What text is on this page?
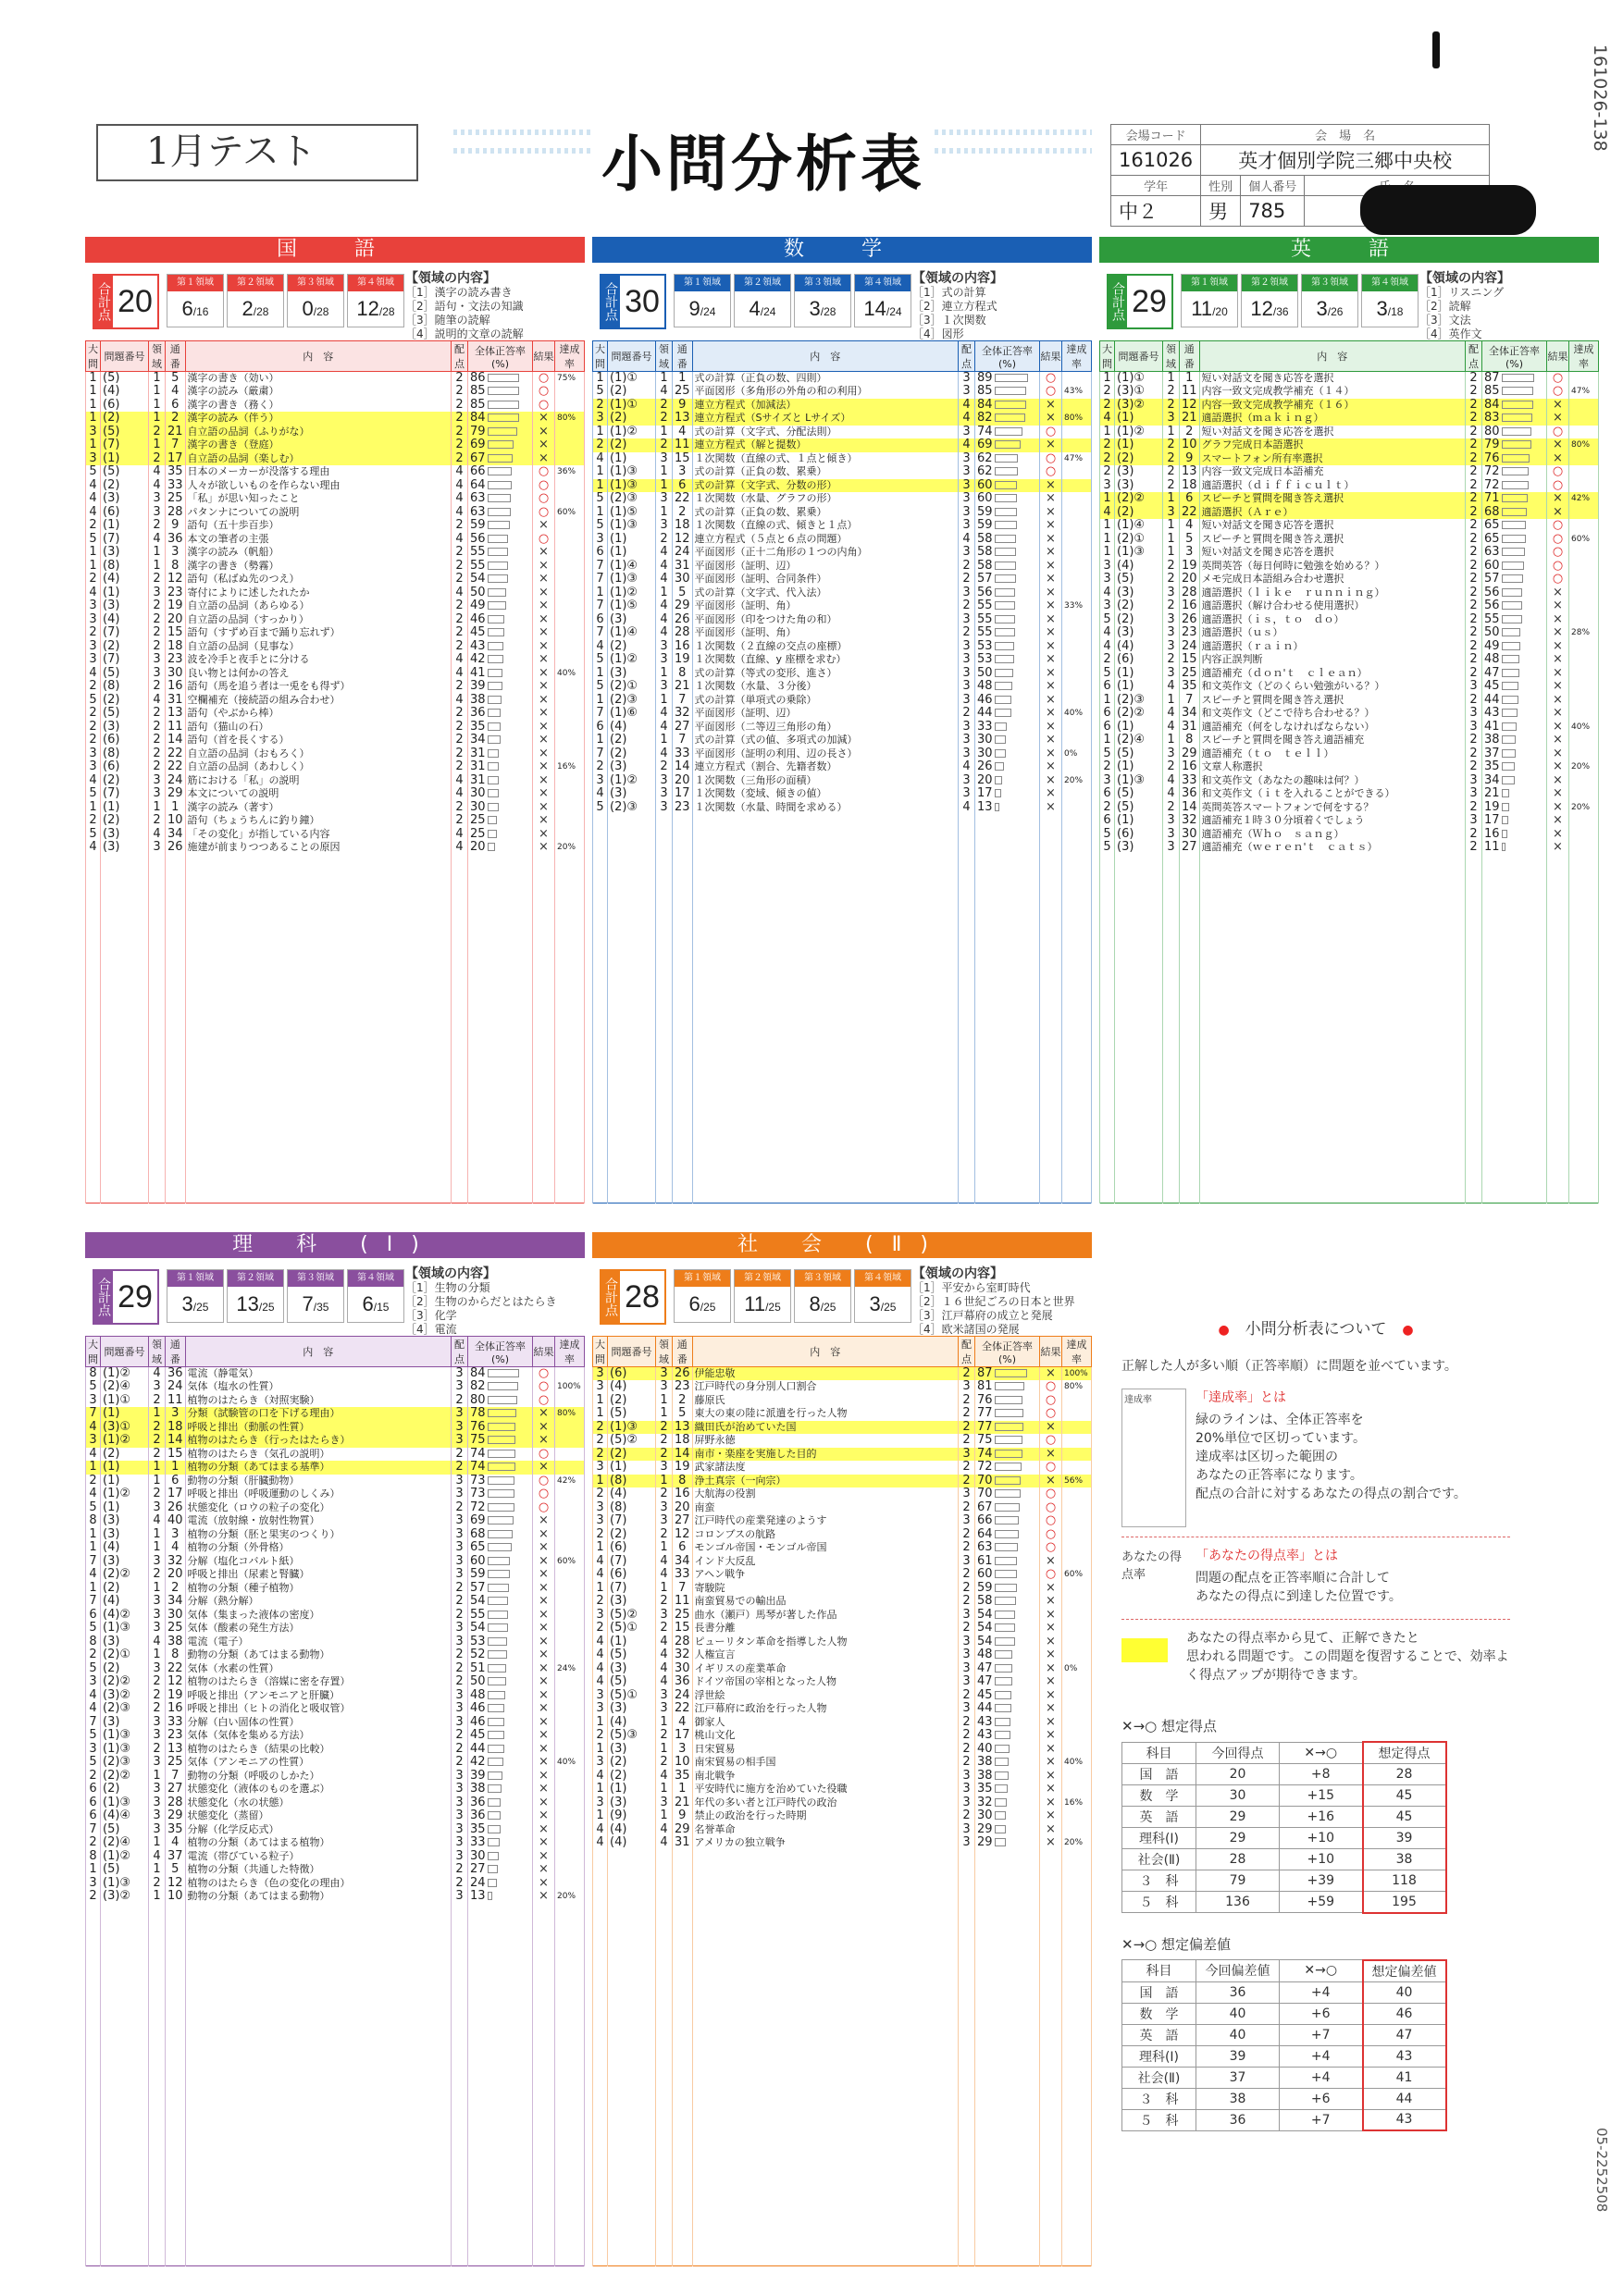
161026-138
05-2252508
1月テスト	小問分析表	会場コード	会　場　名		
161026	英才個別学院三郷中央校		
学年	性別	個人番号	
中２	男	785	
国　語
合計点 20
第１領域
6/16
第２領域
2/28
第３領域
0/28
第４領域
12/28
【領域の内容】
［1］漢字の読み書き
［2］語句・文法の知識
［3］随筆の読解
［4］説明的文章の読解
大問	問題番号	領域	通番	内　容	配点	全体正答率(%)	結果	達成率
1	(5)	1	5	漢字の書き（効い）	2	86	○	75%
1	(4)	1	4	漢字の読み（厳粛）	2	85	○	
1	(6)	1	6	漢字の書き（務く）	2	85	○	
1	(2)	1	2	漢字の読み（伴う）	2	84	×	80%
3	(5)	2	21	自立語の品詞（ふりがな）	2	79	×	
1	(7)	1	7	漢字の書き（登庭）	2	69	×	
3	(1)	2	17	自立語の品詞（楽しむ）	2	67	×	
5	(5)	4	35	日本のメーカーが没落する理由	4	66	○	36%
4	(2)	4	33	人々が欲しいものを作らない理由	4	64	○	
4	(3)	3	25	「私」が思い知ったこと	4	63	○	
4	(6)	3	28	パタンナについての説明	4	63	○	60%
2	(1)	2	9	語句（五十歩百歩）	2	59	×	
5	(7)	4	36	本文の筆者の主張	4	56	○	
1	(3)	1	3	漢字の読み（帆船）	2	55	×	
1	(8)	1	8	漢字の書き（勢霧）	2	55	×	
2	(4)	2	12	語句（私ばぬ先のつえ）	2	54	×	
4	(1)	3	23	寄付によりに述したれたか	4	50	×	
3	(3)	2	19	自立語の品詞（あらゆる）	2	49	×	
3	(4)	2	20	自立語の品詞（すっかり）	2	46	×	
2	(7)	2	15	語句（すずめ百まで踊り忘れず）	2	45	×	
3	(2)	2	18	自立語の品詞（見事な）	2	43	×	
3	(7)	3	23	波を冷手と夜手とに分ける	4	42	×	
4	(5)	3	30	良い物とは何かの答え	4	41	×	40%
2	(8)	2	16	語句（馬を追う者は一兎をも得ず）	2	39	×	
5	(2)	4	31	空欄補充（接続語の組み合わせ）	4	38	×	
2	(5)	2	13	語句（やぶから棒）	2	36	×	
2	(3)	2	11	語句（猫山の石）	2	35	×	
2	(6)	2	14	語句（首を長くする）	2	34	×	
3	(8)	2	22	自立語の品詞（おもろく）	2	31	×	
3	(6)	2	22	自立語の品詞（あわしく）	2	31	×	16%
4	(2)	3	24	筋における「私」の説明	4	31	×	
5	(7)	3	29	本文についての説明	4	30	×	
1	(1)	1	1	漢字の読み（著す）	2	30	×	
2	(2)	2	10	語句（ちょうちんに釣り鐘）	2	25	×	
5	(3)	4	34	「その変化」が指している内容	4	25	×	
4	(3)	3	26	施建が前まりつつあることの原因	4	20	×	20%

数　学
合計点 30
第１領域
9/24
第２領域
4/24
第３領域
3/28
第４領域
14/24
【領域の内容】
［1］式の計算
［2］連立方程式
［3］１次関数
［4］図形
大問	問題番号	領域	通番	内　容	配点	全体正答率(%)	結果	達成率
1	(1)①	1	1	式の計算（正負の数、四則）	3	89	○	
5	(2)	4	25	平面図形（多角形の外角の和の利用）	3	85	○	43%
2	(1)①	2	9	連立方程式（加減法）	4	84	×	
3	(2)	2	13	連立方程式（Sサイズと Lサイズ）	4	82	×	80%
1	(1)②	1	4	式の計算（文字式、分配法則）	3	74	○	
2	(2)	2	11	連立方程式（解と提数）	4	69	×	
4	(1)	3	15	１次関数（直線の式、１点と傾き）	3	62	○	47%
1	(1)③	1	3	式の計算（正負の数、累乗）	3	62	○	
1	(1)③	1	6	式の計算（文字式、分数の形）	3	60	×	
5	(2)③	3	22	１次関数（水量、グラフの形）	3	60	×	
1	(1)⑤	1	2	式の計算（正負の数、累乗）	3	59	×	
5	(1)③	3	18	１次関数（直線の式、傾きと１点）	3	59	×	
3	(1)	2	12	連立方程式（５点と６点の問題）	4	58	×	
6	(1)	4	24	平面図形（正十二角形の１つの内角）	3	58	×	
7	(1)④	4	31	平面図形（証明、辺）	2	58	×	
7	(1)③	4	30	平面図形（証明、合同条件）	2	57	×	
1	(1)②	1	5	式の計算（文字式、代入法）	3	56	×	
7	(1)⑤	4	29	平面図形（証明、角）	2	55	×	33%
6	(3)	4	26	平面図形（印をつけた角の和）	3	55	×	
7	(1)④	4	28	平面図形（証明、角）	2	55	×	
4	(2)	3	16	１次関数（２直線の交点の座標）	3	53	×	
5	(1)②	3	19	１次関数（直線、y 座標を求む）	3	53	×	
1	(3)	1	8	式の計算（等式の変形、進さ）	3	50	×	
5	(2)①	3	21	１次関数（水量、３分後）	3	48	×	
1	(2)③	1	7	式の計算（単項式の乗除）	3	46	×	
7	(1)⑥	4	32	平面図形（証明、辺）	2	44	×	40%
6	(4)	4	27	平面図形（二等辺三角形の角）	3	33	×	
1	(2)	1	7	式の計算（式の値、多項式の加減）	3	30	×	
7	(2)	4	33	平面図形（証明の利用、辺の長さ）	3	30	×	0%
2	(3)	2	14	連立方程式（割合、先籍者数）	4	26	×	
3	(1)②	3	20	１次関数（三角形の面積）	3	20	×	20%
4	(3)	3	17	１次関数（変域、傾きの値）	3	17	×	
5	(2)③	3	23	１次関数（水量、時間を求める）	4	13	×	

英　語
合計点 29
第１領域
11/20
第２領域
12/36
第３領域
3/26
第４領域
3/18
【領域の内容】
［1］リスニング
［2］読解
［3］文法
［4］英作文
大問	問題番号	領域	通番	内　容	配点	全体正答率(%)	結果	達成率
1	(1)①	1	1	短い対話文を聞き応答を選択	2	87	○	
2	(3)①	2	11	内容一致文完成教学補充（１４）	2	85	○	47%
2	(3)②	2	12	内容一致文完成教学補充（１６）	2	84	×	
4	(1)	3	21	適語選択（ｍａｋｉｎｇ）	2	83	×	
1	(1)②	1	2	短い対話文を聞き応答を選択	2	80	○	
2	(1)	2	10	グラフ完成日本語選択	2	79	×	80%
2	(2)	2	9	スマートフォン所有率選択	2	76	×	
2	(3)	2	13	内容一致文完成日本語補充	2	72	○	
3	(3)	2	18	適語選択（ｄｉｆｆｉｃｕｌｔ）	2	72	○	
1	(2)②	1	6	スピーチと質問を聞き答え選択	2	71	×	42%
4	(2)	3	22	適語選択（Ａｒｅ）	2	68	×	
1	(1)④	1	4	短い対話文を聞き応答を選択	2	65	○	
1	(2)①	1	5	スピーチと質問を聞き答え選択	2	65	○	60%
1	(1)③	1	3	短い対話文を聞き応答を選択	2	63	○	
3	(4)	2	19	英問英答（毎日何時に勉強を始める？）	2	60	○	
3	(5)	2	20	メモ完成日本語組み合わせ選択	2	57	○	
4	(3)	3	28	適語選択（ｌｉｋｅ　ｒｕｎｎｉｎｇ）	2	56	×	
3	(2)	2	16	適語選択（解け合わせる使用選択）	2	56	×	
5	(2)	3	26	適語選択（ｉｓ，ｔｏ　ｄｏ）	2	55	×	
4	(3)	3	23	適語選択（ｕｓ）	2	50	×	28%
4	(4)	3	24	適語選択（ｒａｉｎ）	2	49	×	
2	(6)	2	15	内容正誤判断	2	48	×	
5	(1)	3	25	適語補充（ｄｏｎ'ｔ　ｃｌｅａｎ）	2	47	×	
6	(1)	4	35	和文英作文（どのくらい勉強がいる？）	3	45	×	
1	(2)③	1	7	スピーチと質問を聞き答え選択	2	44	×	
6	(2)②	4	34	和文英作文（どこで待ち合わせる？）	3	43	×	
6	(1)	4	31	適語補充（何をしなければならない）	3	41	×	40%
1	(2)④	1	8	スピーチと質問を聞き答え適語補充	2	38	×	
5	(5)	3	29	適語補充（ｔｏ　ｔｅｌｌ）	2	37	×	
2	(1)	2	16	文章人称選択	2	35	×	20%
3	(1)③	4	33	和文英作文（あなたの趣味は何？）	3	34	×	
6	(5)	4	36	和文英作文（ｉｔを入れることができる）	3	21	×	
2	(5)	2	14	英問英答スマートフォンで何をする？	2	19	×	20%
6	(1)	3	32	適語補充１時３０分頃着くでしょう	3	17	×	
5	(6)	3	30	適語補充（Ｗｈｏ　ｓａｎｇ）	2	16	×	
5	(3)	3	27	適語補充（ｗｅｒｅｎ'ｔ　ｃａｔｓ）	2	11	×	

理 科 (Ⅰ)
合計点 29
第１領域
3/25
第２領域
13/25
第３領域
7/35
第４領域
6/15
【領域の内容】
［1］生物の分類
［2］生物のからだとはたらき
［3］化学
［4］電流
大問	問題番号	領域	通番	内　容	配点	全体正答率(%)	結果	達成率
8	(1)②	4	36	電流（静電気）	3	84	○	
5	(2)④	3	24	気体（塩水の性質）	3	82	○	100%
3	(1)①	2	11	植物のはたらき（対照実験）	2	80	○	
7	(1)	1	3	分類（試験管の口を下げる理由）	3	78	×	80%
4	(3)①	2	18	呼吸と排出（動脈の性質）	3	76	×	
3	(1)②	2	14	植物のはたらき（行ったはたらき）	3	75	×	
4	(2)	2	15	植物のはたらき（気孔の説明）	2	74	○	
1	(1)	1	1	植物の分類（あてはまる基準）	2	74	×	
2	(1)	1	6	動物の分類（肝臓動物）	3	73	○	42%
4	(1)②	2	17	呼吸と排出（呼吸運動のしくみ）	3	73	○	
5	(1)	3	26	状態変化（ロウの粒子の変化）	2	72	○	
8	(3)	4	40	電流（放射線・放射性物質）	3	69	×	
1	(3)	1	3	植物の分類（胚と果実のつくり）	3	68	×	
1	(4)	1	4	植物の分類（外骨格）	3	65	×	
7	(3)	3	32	分解（塩化コバルト紙）	3	60	×	60%
4	(2)②	2	20	呼吸と排出（尿素と腎臓）	3	59	×	
1	(2)	1	2	植物の分類（種子植物）	2	57	×	
7	(4)	3	34	分解（熱分解）	2	54	×	
6	(4)②	3	30	気体（集まった液体の密度）	2	55	×	
5	(1)③	3	25	気体（酸素の発生方法）	3	54	×	
8	(3)	4	38	電流（電子）	3	53	×	
2	(2)①	1	8	動物の分類（あてはまる動物）	2	52	×	
5	(2)	3	22	気体（水素の性質）	2	51	×	24%
3	(2)②	2	12	植物のはたらき（溶媒に密を存置）	2	50	×	
4	(3)②	2	19	呼吸と排出（アンモニアと肝臓）	3	48	×	
4	(2)③	2	16	呼吸と排出（ヒトの消化と吸収管）	3	46	×	
7	(3)	3	33	分解（白い固体の性質）	3	46	×	
5	(1)③	3	23	気体（気体を集める方法）	2	45	×	
3	(1)③	2	13	植物のはたらき（結果の比較）	2	44	×	
5	(2)③	3	25	気体（アンモニアの性質）	2	42	×	40%
2	(2)②	1	7	動物の分類（呼吸のしかた）	3	39	×	
6	(2)	3	27	状態変化（液体のものを選ぶ）	3	38	×	
6	(1)③	3	28	状態変化（水の状態）	3	36	×	
6	(4)④	3	29	状態変化（蒸留）	3	36	×	
7	(5)	3	35	分解（化学反応式）	3	35	×	
2	(2)④	1	4	植物の分類（あてはまる植物）	3	33	×	
8	(1)②	4	37	電流（帯びている粒子）	3	30	×	
1	(5)	1	5	植物の分類（共通した特徴）	2	27	×	
3	(1)③	2	12	植物のはたらき（色の変化の理由）	2	24	×	
2	(3)②	1	10	動物の分類（あてはまる動物）	3	13	×	20%

社 会 (Ⅱ)
合計点 28
第１領域
6/25
第２領域
11/25
第３領域
8/25
第４領域
3/25
【領域の内容】
［1］平安から室町時代
［2］１６世紀ごろの日本と世界
［3］江戸幕府の成立と発展
［4］欧米諸国の発展
大問	問題番号	領域	通番	内　容	配点	全体正答率(%)	結果	達成率
3	(6)	3	26	伊能忠敬	2	87	×	100%
3	(4)	3	23	江戸時代の身分別人口割合	3	81	○	80%
1	(2)	1	2	藤原氏	2	76	○	
1	(5)	1	5	東大の東の陸に派遣を行った人物	2	77	○	
2	(1)③	2	13	織田氏が治めていた国	2	77	×	
2	(5)②	2	18	屏野永徳	2	75	○	
2	(2)	2	14	南市・楽座を実施した目的	3	74	×	
3	(1)	3	19	武家諸法度	2	72	○	
1	(8)	1	8	浄土真宗（一向宗）	2	70	×	56%
2	(4)	2	16	大航海の役割	3	70	○	
3	(8)	3	20	南蛮	2	67	○	
3	(7)	3	27	江戸時代の産業発達のようす	3	66	○	
2	(2)	2	12	コロンブスの航路	2	64	○	
1	(6)	1	6	モンゴル帝国・モンゴル帝国	2	63	○	
4	(7)	4	34	インド大反乱	3	61	×	
4	(6)	4	33	アヘン戦争	2	60	○	60%
1	(7)	1	7	寄駿院	2	59	×	
2	(3)	2	11	南蛮貿易での輸出品	2	58	×	
3	(5)②	3	25	曲水（瀬戸）馬琴が著した作品	3	54	×	
2	(5)①	2	15	長書分離	2	54	×	
4	(1)	4	28	ピューリタン革命を指導した人物	3	54	×	
4	(5)	4	32	人権宣言	3	48	×	
4	(3)	4	30	イギリスの産業革命	3	47	×	0%
4	(5)	4	36	ドイツ帝国の宰相となった人物	3	47	×	
3	(5)①	3	24	浮世絵	2	45	×	
3	(3)	3	22	江戸幕府に政治を行った人物	3	44	×	
1	(4)	1	4	御家人	2	43	×	
2	(5)③	2	17	桃山文化	2	43	×	
1	(3)	1	3	日宋貿易	2	40	×	
3	(2)	2	10	南宋貿易の相手国	2	38	×	40%
4	(2)	4	35	南北戦争	3	38	×	
1	(1)	1	1	平安時代に施方を治めていた役職	3	35	×	
3	(3)	3	21	年代の多い者と江戸時代の政治	3	32	×	16%
1	(9)	1	9	禁止の政治を行った時期	2	30	×	
4	(4)	4	29	名誉革命	3	29	×	
4	(4)	4	31	アメリカの独立戦争	3	29	×	20%

●　 小問分析表について　 ●

正解した人が多い順（正答率順）に問題を並べています。

達成率	「達成率」とは

緑のラインは、全体正答率を
20%単位で区切っています。
達成率は区切った範囲の
あなたの正答率になります。
配点の合計に対するあなたの得点の割合です。

あなたの得点率

「あなたの得点率」とは

問題の配点を正答率順に合計して
あなたの得点に到達した位置です。

あなたの得点率から見て、正解できたと
思われる問題です。この問題を復習することで、効率よく得点アップが期待できます。

✕→○ 想定得点
科目	今回得点	✕→○	想定得点
国　語	20	+8	28
数　学	30	+15	45
英　語	29	+16	45
理科(Ⅰ)	29	+10	39
社会(Ⅱ)	28	+10	38
３　科	79	+39	118
５　科	136	+59	195
✕→○ 想定偏差値
科目	今回偏差値	✕→○	想定偏差値
国　語	36	+4	40
数　学	40	+6	46
英　語	40	+7	47
理科(Ⅰ)	39	+4	43
社会(Ⅱ)	37	+4	41
３　科	38	+6	44
５　科	36	+7	43
